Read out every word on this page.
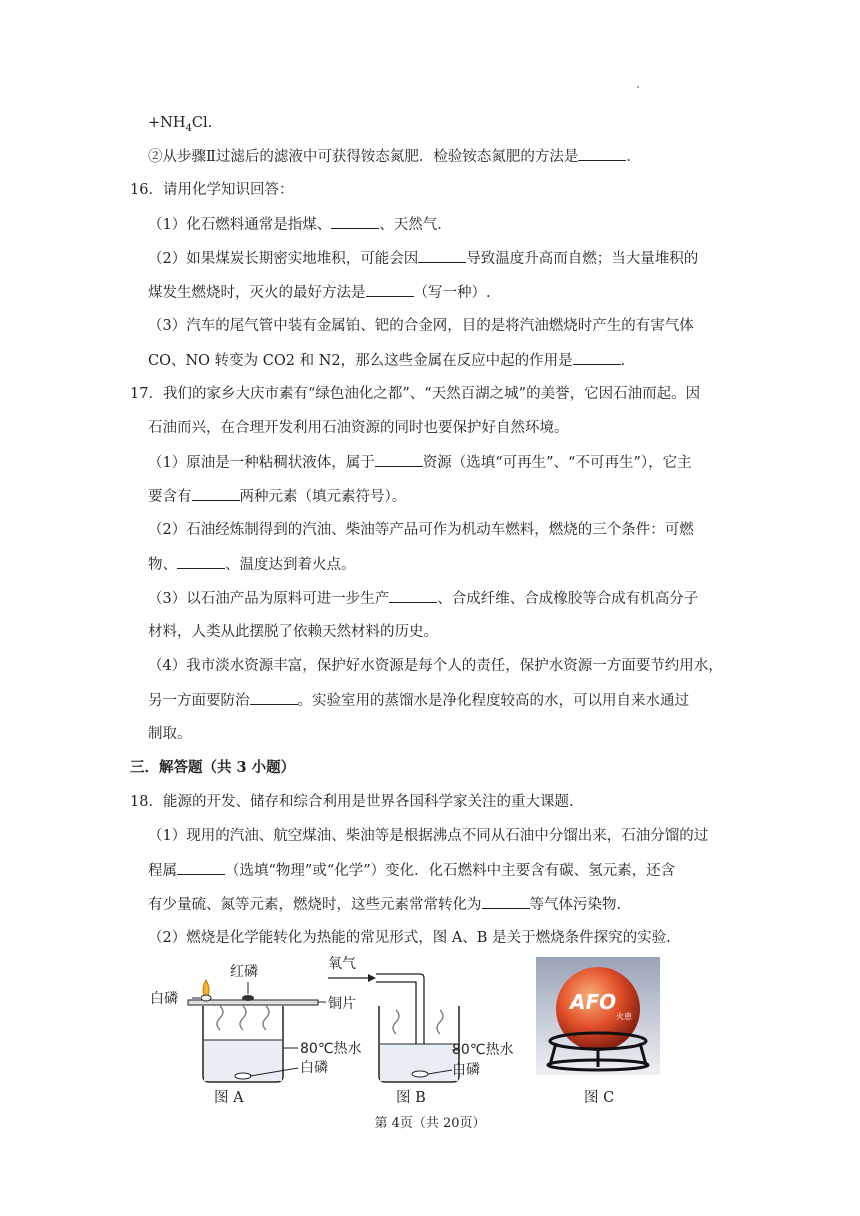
$+NH_4Cl$.
②从步骤Ⅱ过滤后的滤液中可获得铵态氮肥．检验铵态氮肥的方法是	．
16．请用化学知识回答：
（1）化石燃料通常是指煤、	、天然气．
（2）如果煤炭长期密实地堆积，可能会因	导致温度升高而自燃；当大量堆积的
煤发生燃烧时，灭火的最好方法是	（写一种）.
（3）汽车的尾气管中装有金属铂、钯的合金网，目的是将汽油燃烧时产生的有害气体
CO、NO 转变为 CO2 和 N2，那么这些金属在反应中起的作用是	．
17．我们的家乡大庆市素有“绿色油化之都”、“天然百湖之城”的美誉，它因石油而起。因
石油而兴，在合理开发利用石油资源的同时也要保护好自然环境。
（1）原油是一种粘稠状液体，属于	资源（选填“可再生”、“不可再生”），它主
要含有	两种元素（填元素符号）。
（2）石油经炼制得到的汽油、柴油等产品可作为机动车燃料，燃烧的三个条件：可燃
物、	、温度达到着火点。
（3）以石油产品为原料可进一步生产	、合成纤维、合成橡胶等合成有机高分子
材料，人类从此摆脱了依赖天然材料的历史。
（4）我市淡水资源丰富，保护好水资源是每个人的责任，保护水资源一方面要节约用水，
另一方面要防治	。实验室用的蒸馏水是净化程度较高的水，可以用自来水通过
制取。
三．解答题（共 3 小题）
18．能源的开发、储存和综合利用是世界各国科学家关注的重大课题.
（1）现用的汽油、航空煤油、柴油等是根据沸点不同从石油中分馏出来，石油分馏的过
程属	（选填“物理”或“化学”）变化．化石燃料中主要含有碳、氢元素，还含
有少量硫、氮等元素，燃烧时，这些元素常常转化为	等气体污染物.
（2）燃烧是化学能转化为热能的常见形式，图 A、B 是关于燃烧条件探究的实验.
红磷
白磷	铜片
80℃热水
白磷
图 A
氧气
80℃热水
白磷
图 B
AFO
火患
图 C
第 4页（共 20页）
